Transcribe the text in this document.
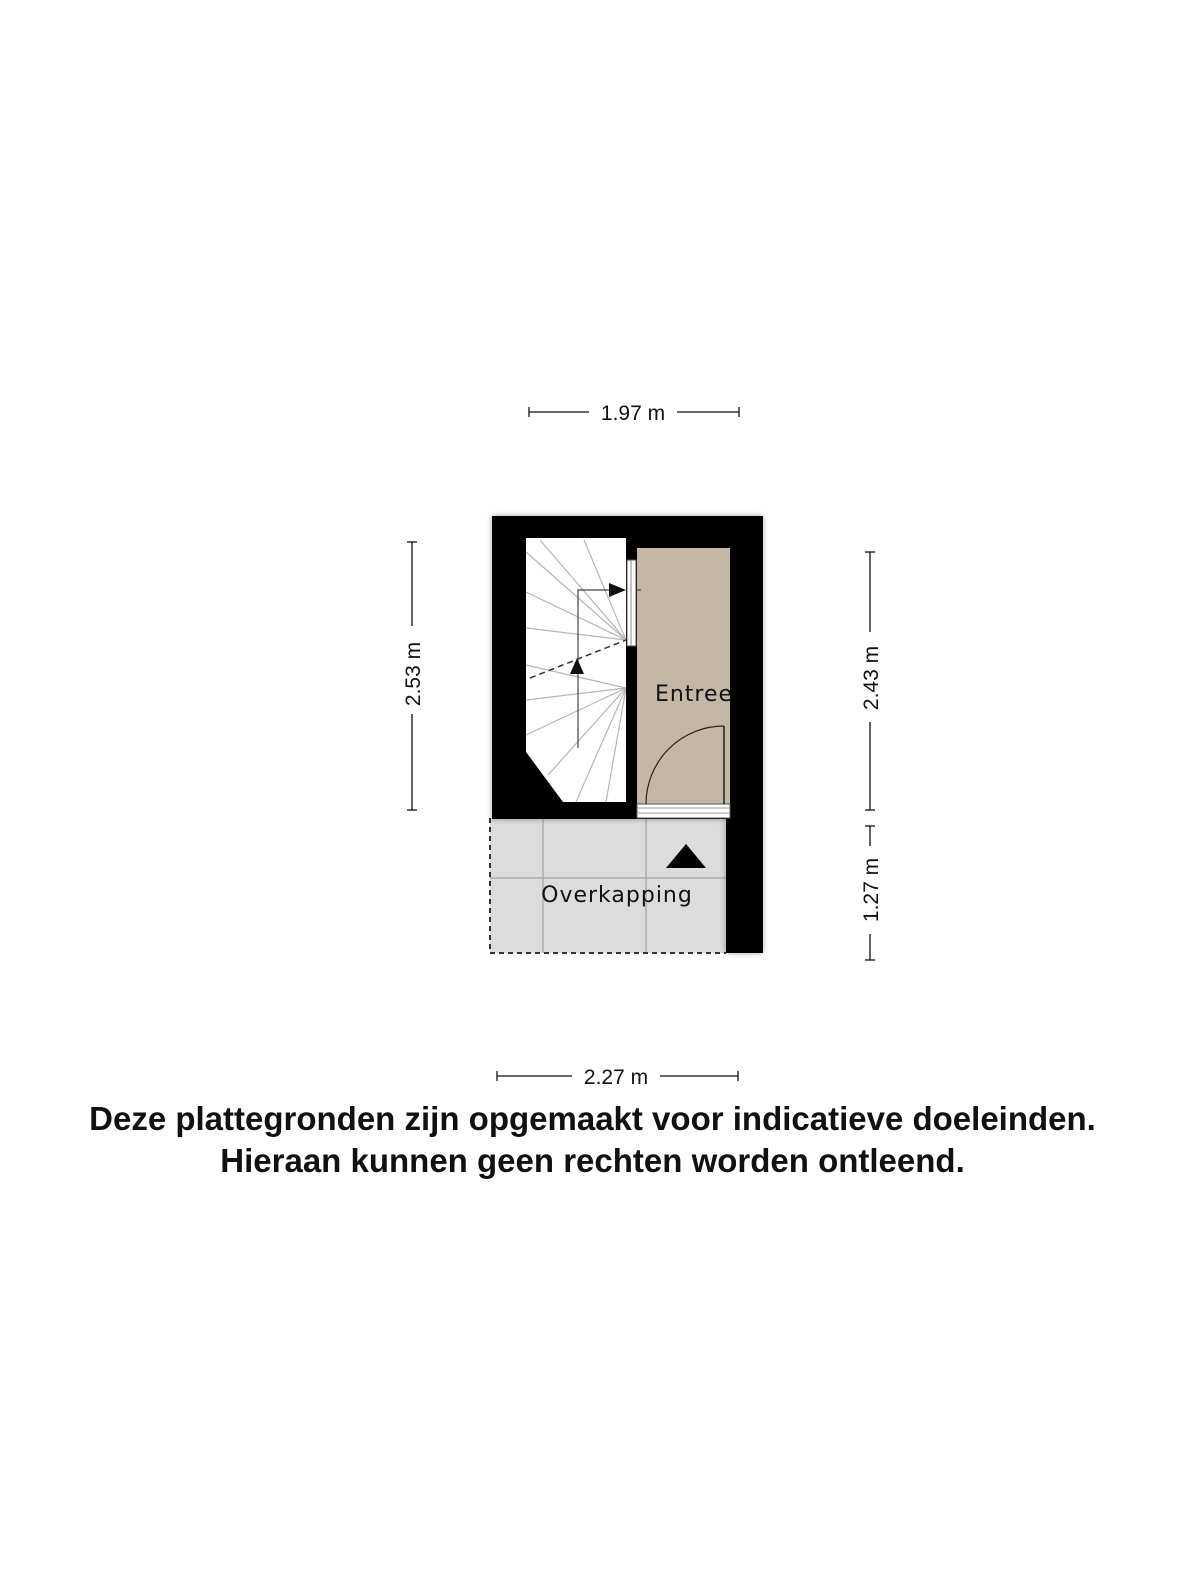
Entree
Overkapping
1.97 m
2.27 m
2.53 m	2.43 m
1.27 m
Deze plattegronden zijn opgemaakt voor indicatieve doeleinden.
Hieraan kunnen geen rechten worden ontleend.
